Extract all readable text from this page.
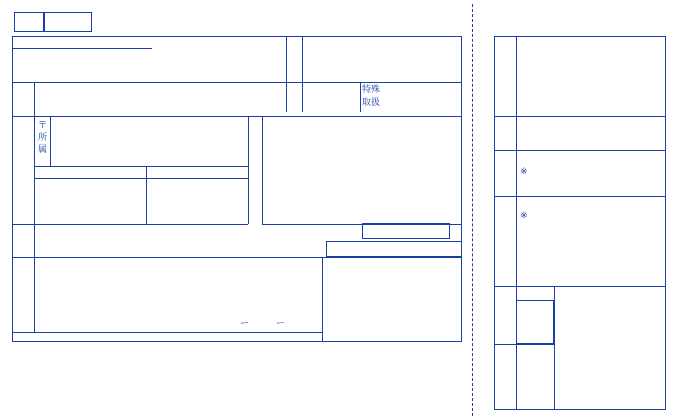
特殊
取扱
〒
所
属
ー　　　ー
※
※
